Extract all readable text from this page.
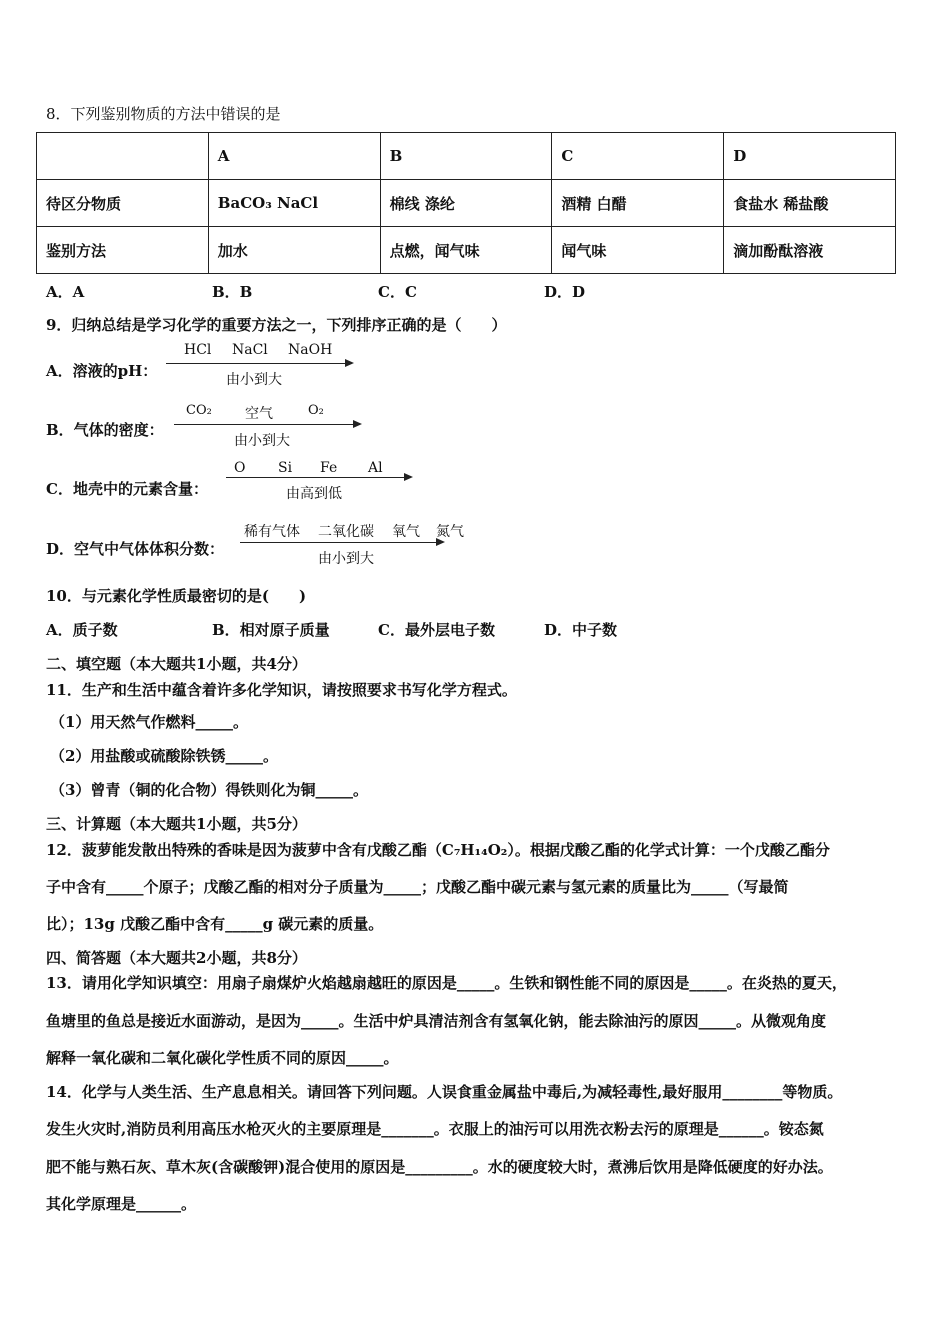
8．下列鉴别物质的方法中错误的是
	A	B	C	D
待区分物质	BaCO₃ NaCl	棉线 涤纶	酒精 白醋	食盐水 稀盐酸
鉴别方法	加水	点燃，闻气味	闻气味	滴加酚酞溶液
A．A	B．B	C．C	D．D
9．归纳总结是学习化学的重要方法之一，下列排序正确的是（　　）
A．溶液的pH：
HCl NaCl NaOH
由小到大
B．气体的密度：
CO₂ 空气	O₂
由小到大
C．地壳中的元素含量：
O Si Fe Al
由高到低
D．空气中气体体积分数：
稀有气体 二氧化碳 氧气 氮气
由小到大
10．与元素化学性质最密切的是(　　)
A．质子数	B．相对原子质量	C．最外层电子数	D．中子数
二、填空题（本大题共1小题，共4分）
11．生产和生活中蕴含着许多化学知识，请按照要求书写化学方程式。
（1）用天然气作燃料_____。
（2）用盐酸或硫酸除铁锈_____。
（3）曾青（铜的化合物）得铁则化为铜_____。
三、计算题（本大题共1小题，共5分）
12．菠萝能发散出特殊的香味是因为菠萝中含有戊酸乙酯（C₇H₁₄O₂）。根据戊酸乙酯的化学式计算：一个戊酸乙酯分
子中含有_____个原子；戊酸乙酯的相对分子质量为_____；戊酸乙酯中碳元素与氢元素的质量比为_____（写最简
比）；13g 戊酸乙酯中含有_____g 碳元素的质量。
四、简答题（本大题共2小题，共8分）
13．请用化学知识填空：用扇子扇煤炉火焰越扇越旺的原因是_____。生铁和钢性能不同的原因是_____。在炎热的夏天，
鱼塘里的鱼总是接近水面游动，是因为_____。生活中炉具清洁剂含有氢氧化钠，能去除油污的原因_____。从微观角度
解释一氧化碳和二氧化碳化学性质不同的原因_____。
14．化学与人类生活、生产息息相关。请回答下列问题。人误食重金属盐中毒后,为减轻毒性,最好服用________等物质。
发生火灾时,消防员利用高压水枪灭火的主要原理是_______。衣服上的油污可以用洗衣粉去污的原理是______。铵态氮
肥不能与熟石灰、草木灰(含碳酸钾)混合使用的原因是_________。水的硬度较大时，煮沸后饮用是降低硬度的好办法。
其化学原理是______。
